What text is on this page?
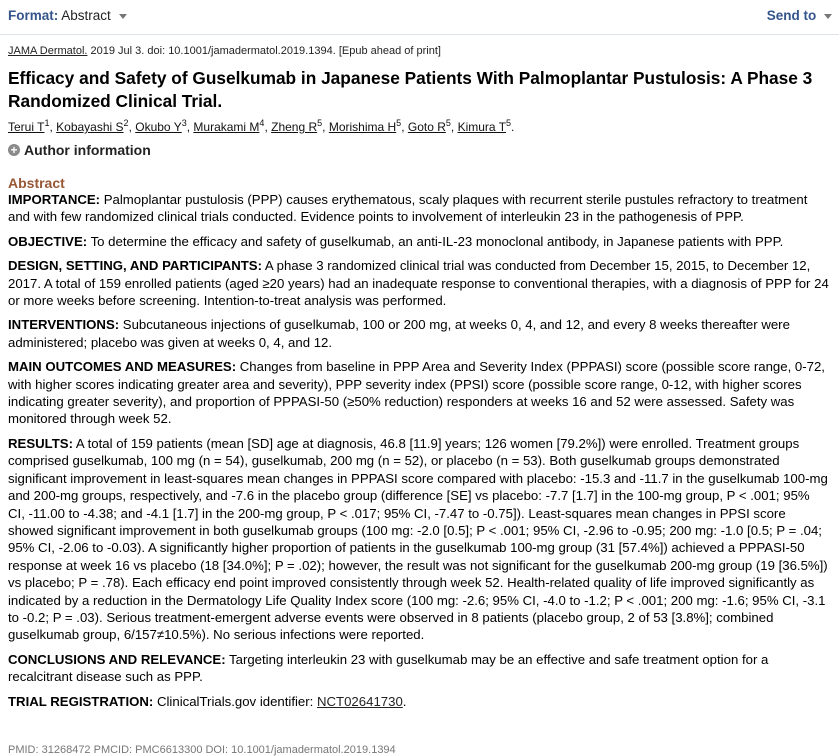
Format: Abstract	Send to
JAMA Dermatol. 2019 Jul 3. doi: 10.1001/jamadermatol.2019.1394. [Epub ahead of print]
Efficacy and Safety of Guselkumab in Japanese Patients With Palmoplantar Pustulosis: A Phase 3 Randomized Clinical Trial.
Terui $T^1$, Kobayashi $S^2$, Okubo $Y^3$, Murakami $M^4$, Zheng $R^5$, Morishima $H^5$, Goto $R^5$, Kimura $T^5$.
+ Author information
Abstract

IMPORTANCE: Palmoplantar pustulosis (PPP) causes erythematous, scaly plaques with recurrent sterile pustules refractory to treatment and with few randomized clinical trials conducted. Evidence points to involvement of interleukin 23 in the pathogenesis of PPP.

OBJECTIVE: To determine the efficacy and safety of guselkumab, an anti-IL-23 monoclonal antibody, in Japanese patients with PPP.

DESIGN, SETTING, AND PARTICIPANTS: A phase 3 randomized clinical trial was conducted from December 15, 2015, to December 12, 2017. A total of 159 enrolled patients (aged ≥20 years) had an inadequate response to conventional therapies, with a diagnosis of PPP for 24 or more weeks before screening. Intention-to-treat analysis was performed.

INTERVENTIONS: Subcutaneous injections of guselkumab, 100 or 200 mg, at weeks 0, 4, and 12, and every 8 weeks thereafter were administered; placebo was given at weeks 0, 4, and 12.

MAIN OUTCOMES AND MEASURES: Changes from baseline in PPP Area and Severity Index (PPPASI) score (possible score range, 0-72, with higher scores indicating greater area and severity), PPP severity index (PPSI) score (possible score range, 0-12, with higher scores indicating greater severity), and proportion of PPPASI-50 (≥50% reduction) responders at weeks 16 and 52 were assessed. Safety was monitored through week 52.

RESULTS: A total of 159 patients (mean [SD] age at diagnosis, 46.8 [11.9] years; 126 women [79.2%]) were enrolled. Treatment groups comprised guselkumab, 100 mg (n = 54), guselkumab, 200 mg (n = 52), or placebo (n = 53). Both guselkumab groups demonstrated significant improvement in least-squares mean changes in PPPASI score compared with placebo: -15.3 and -11.7 in the guselkumab 100-mg and 200-mg groups, respectively, and -7.6 in the placebo group (difference [SE] vs placebo: -7.7 [1.7] in the 100-mg group, P < .001; 95% CI, -11.00 to -4.38; and -4.1 [1.7] in the 200-mg group, P < .017; 95% CI, -7.47 to -0.75]). Least-squares mean changes in PPSI score showed significant improvement in both guselkumab groups (100 mg: -2.0 [0.5]; P < .001; 95% CI, -2.96 to -0.95; 200 mg: -1.0 [0.5; P = .04; 95% CI, -2.06 to -0.03). A significantly higher proportion of patients in the guselkumab 100-mg group (31 [57.4%]) achieved a PPPASI-50 response at week 16 vs placebo (18 [34.0%]; P = .02); however, the result was not significant for the guselkumab 200-mg group (19 [36.5%]) vs placebo; P = .78). Each efficacy end point improved consistently through week 52. Health-related quality of life improved significantly as indicated by a reduction in the Dermatology Life Quality Index score (100 mg: -2.6; 95% CI, -4.0 to -1.2; P < .001; 200 mg: -1.6; 95% CI, -3.1 to -0.2; P = .03). Serious treatment-emergent adverse events were observed in 8 patients (placebo group, 2 of 53 [3.8%]; combined guselkumab group, 6/157≠10.5%). No serious infections were reported.

CONCLUSIONS AND RELEVANCE: Targeting interleukin 23 with guselkumab may be an effective and safe treatment option for a recalcitrant disease such as PPP.

TRIAL REGISTRATION: ClinicalTrials.gov identifier: NCT02641730.

PMID: 31268472 PMCID: PMC6613300 DOI: 10.1001/jamadermatol.2019.1394
